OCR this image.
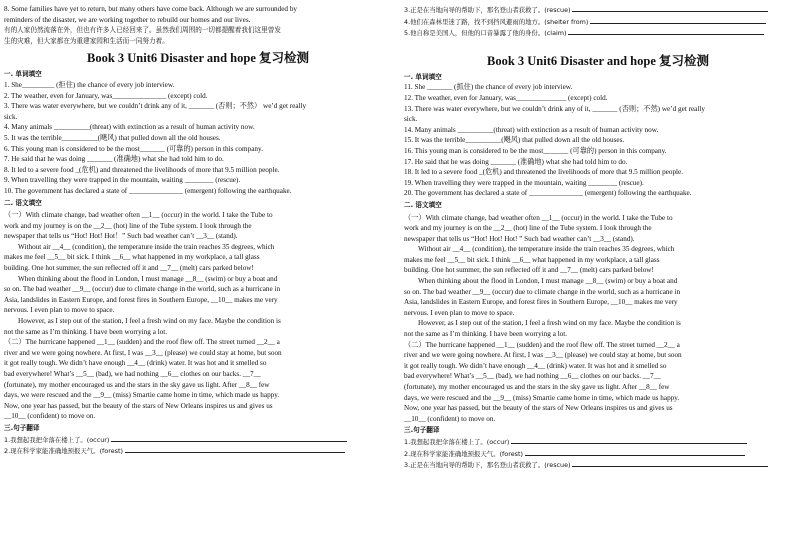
8. Some families have yet to return, but many others have come back. Although we are surrounded by

reminders of the disaster, we are working together to rebuild our homes and our lives.

有的人家仍然流落在外，但也有许多人已经回来了。虽然我们周围的一切都提醒着我们这里曾发

生的灾难，但大家都在为重建家园和生活而一同努力着。

Book 3 Unit6 Disaster and hope 复习检测
一. 单词填空
1. She_________ (拒住) the chance of every job interview.
2. The weather, even for January, was_______________ (except) cold.
3. There was water everywhere, but we couldn’t drink any of it, _______ (否则；不然） we’d get really
sick.
4. Many animals __________(threat) with extinction as a result of human activity now.
5. It was the terrible__________(飓风) that pulled down all the old houses.
6. This young man is considered to be the most_______ (可靠的) person in this company.
7. He said that he was doing _______ (准确地) what she had told him to do.
8. It led to a severe food _(危机) and threatened the livelihoods of more that 9.5 million people.
9. When travelling they were trapped in the mountain, waiting ________ (rescue).
10. The government has declared a state of _______________ (emergent) following the earthquake.
二. 语文填空
（一）With climate change, bad weather often __1__ (occur) in the world. I take the Tube to
work and my journey is on the __2__ (hot) line of the Tube system. I look through the
newspaper that tells us “Hot! Hot! Hot！” Such bad weather can’t __3__ (stand).
Without air __4__ (condition), the temperature inside the train reaches 35 degrees, which
makes me feel __5__ bit sick. I think __6__ what happened in my workplace, a tall glass
building. One hot summer, the sun reflected off it and __7__ (melt) cars parked below!
When thinking about the flood in London, I must manage __8__ (swim) or buy a boat and
so on. The bad weather __9__ (occur) due to climate change in the world, such as a hurricane in
Asia, landslides in Eastern Europe, and forest fires in Southern Europe, __10__ makes me very
nervous. I even plan to move to space.
However, as I step out of the station, I feel a fresh wind on my face. Maybe the condition is
not the same as I’m thinking. I have been worrying a lot.
（二）The hurricane happened __1__ (sudden) and the roof flew off. The street turned __2__ a
river and we were going nowhere. At first, I was __3__ (please) we could stay at home, but soon
it got really tough. We didn’t have enough __4__ (drink) water. It was hot and it smelled so
bad everywhere! What’s __5__ (bad), we had nothing __6__ clothes on our backs. __7__
(fortunate), my mother encouraged us and the stars in the sky gave us light. After __8__ few
days, we were rescued and the __9__ (miss) Smartie came home in time, which made us happy.
Now, one year has passed, but the beauty of the stars of New Orleans inspires us and gives us
__10__ (confident) to move on.
三.句子翻译
1.我想起我把伞落在楼上了。(occur)
2.现在科学家能准确地预报天气。(forest)
3.正是在当地向导的帮助下，那名登山者获救了。(rescue)
4.他们在森林里迷了路，找不到挡风避雨的地方。(shelter from)
5.他自称是美国人，但他的口音暴露了他的身份。(claim)
Book 3 Unit6 Disaster and hope 复习检测
一. 单词填空
11. She _______ (抓住) the chance of every job interview.
12. The weather, even for January, was______________ (except) cold.
13. There was water everywhere, but we couldn’t drink any of it, _______ (否则；不然) we’d get really
sick.
14. Many animals __________(threat) with extinction as a result of human activity now.
15. It was the terrible__________(飓风) that pulled down all the old houses.
16. This young man is considered to be the most_______ (可靠的) person in this company.
17. He said that he was doing _______ (准确地) what she had told him to do.
18. It led to a severe food _(危机) and threatened the livelihoods of more that 9.5 million people.
19. When travelling they were trapped in the mountain, waiting ________ (rescue).
20. The government has declared a state of _______________ (emergent) following the earthquake.
二. 语文填空
（一）With climate change, bad weather often __1__ (occur) in the world. I take the Tube to
work and my journey is on the __2__ (hot) line of the Tube system. I look through the
newspaper that tells us “Hot! Hot! Hot! ” Such bad weather can’t __3__ (stand).
Without air __4__ (condition), the temperature inside the train reaches 35 degrees, which
makes me feel __5__ bit sick. I think __6__ what happened in my workplace, a tall glass
building. One hot summer, the sun reflected off it and __7__ (melt) cars parked below!
When thinking about the flood in London, I must manage __8__ (swim) or buy a boat and
so on. The bad weather __9__ (occur) due to climate change in the world, such as a hurricane in
Asia, landslides in Eastern Europe, and forest fires in Southern Europe, __10__ makes me very
nervous. I even plan to move to space.
However, as I step out of the station, I feel a fresh wind on my face. Maybe the condition is
not the same as I’m thinking. I have been worrying a lot.
（二）The hurricane happened __1__ (sudden) and the roof flew off. The street turned __2__ a
river and we were going nowhere. At first, I was __3__ (please) we could stay at home, but soon
it got really tough. We didn’t have enough __4__ (drink) water. It was hot and it smelled so
bad everywhere! What’s __5__ (bad), we had nothing __6__ clothes on our backs. __7__
(fortunate), my mother encouraged us and the stars in the sky gave us light. After __8__ few
days, we were rescued and the __9__ (miss) Smartie came home in time, which made us happy.
Now, one year has passed, but the beauty of the stars of New Orleans inspires us and gives us
__10__ (confident) to move on.
三.句子翻译
1.我想起我把伞落在楼上了。(occur)
2.现在科学家能准确地预报天气。(forest)
3.正是在当地向导的帮助下，那名登山者获救了。(rescue)
